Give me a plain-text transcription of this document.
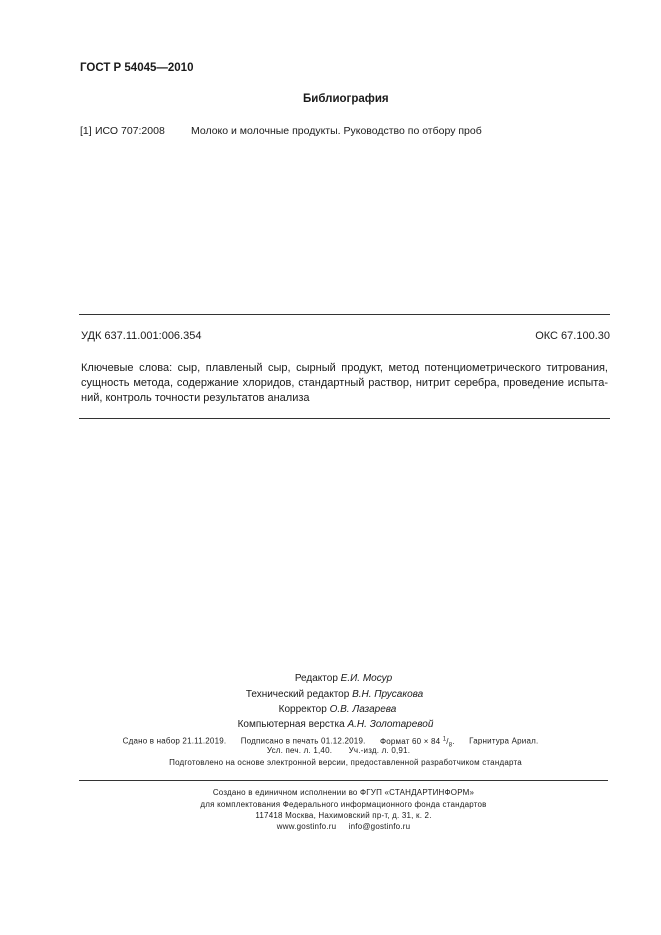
ГОСТ Р 54045—2010
Библиография
[1] ИСО 707:2008 Молоко и молочные продукты. Руководство по отбору проб
УДК 637.11.001:006.354	ОКС 67.100.30
Ключевые слова: сыр, плавленый сыр, сырный продукт, метод потенциометрического титрования,
сущность метода, содержание хлоридов, стандартный раствор, нитрит серебра, проведение испыта-
ний, контроль точности результатов анализа
Редактор Е.И. Мосур
Технический редактор В.Н. Прусакова
Корректор О.В. Лазарева
Компьютерная верстка А.Н. Золотаревой
Сдано в набор 21.11.2019. Подписано в печать 01.12.2019. Формат 60 × 84 $^1/_8$. Гарнитура Ариал.
Усл. печ. л. 1,40. Уч.-изд. л. 0,91.
Подготовлено на основе электронной версии, предоставленной разработчиком стандарта
Создано в единичном исполнении во ФГУП «СТАНДАРТИНФОРМ»
для комплектования Федерального информационного фонда стандартов
117418 Москва, Нахимовский пр-т, д. 31, к. 2.
www.gostinfo.ru info@gostinfo.ru
